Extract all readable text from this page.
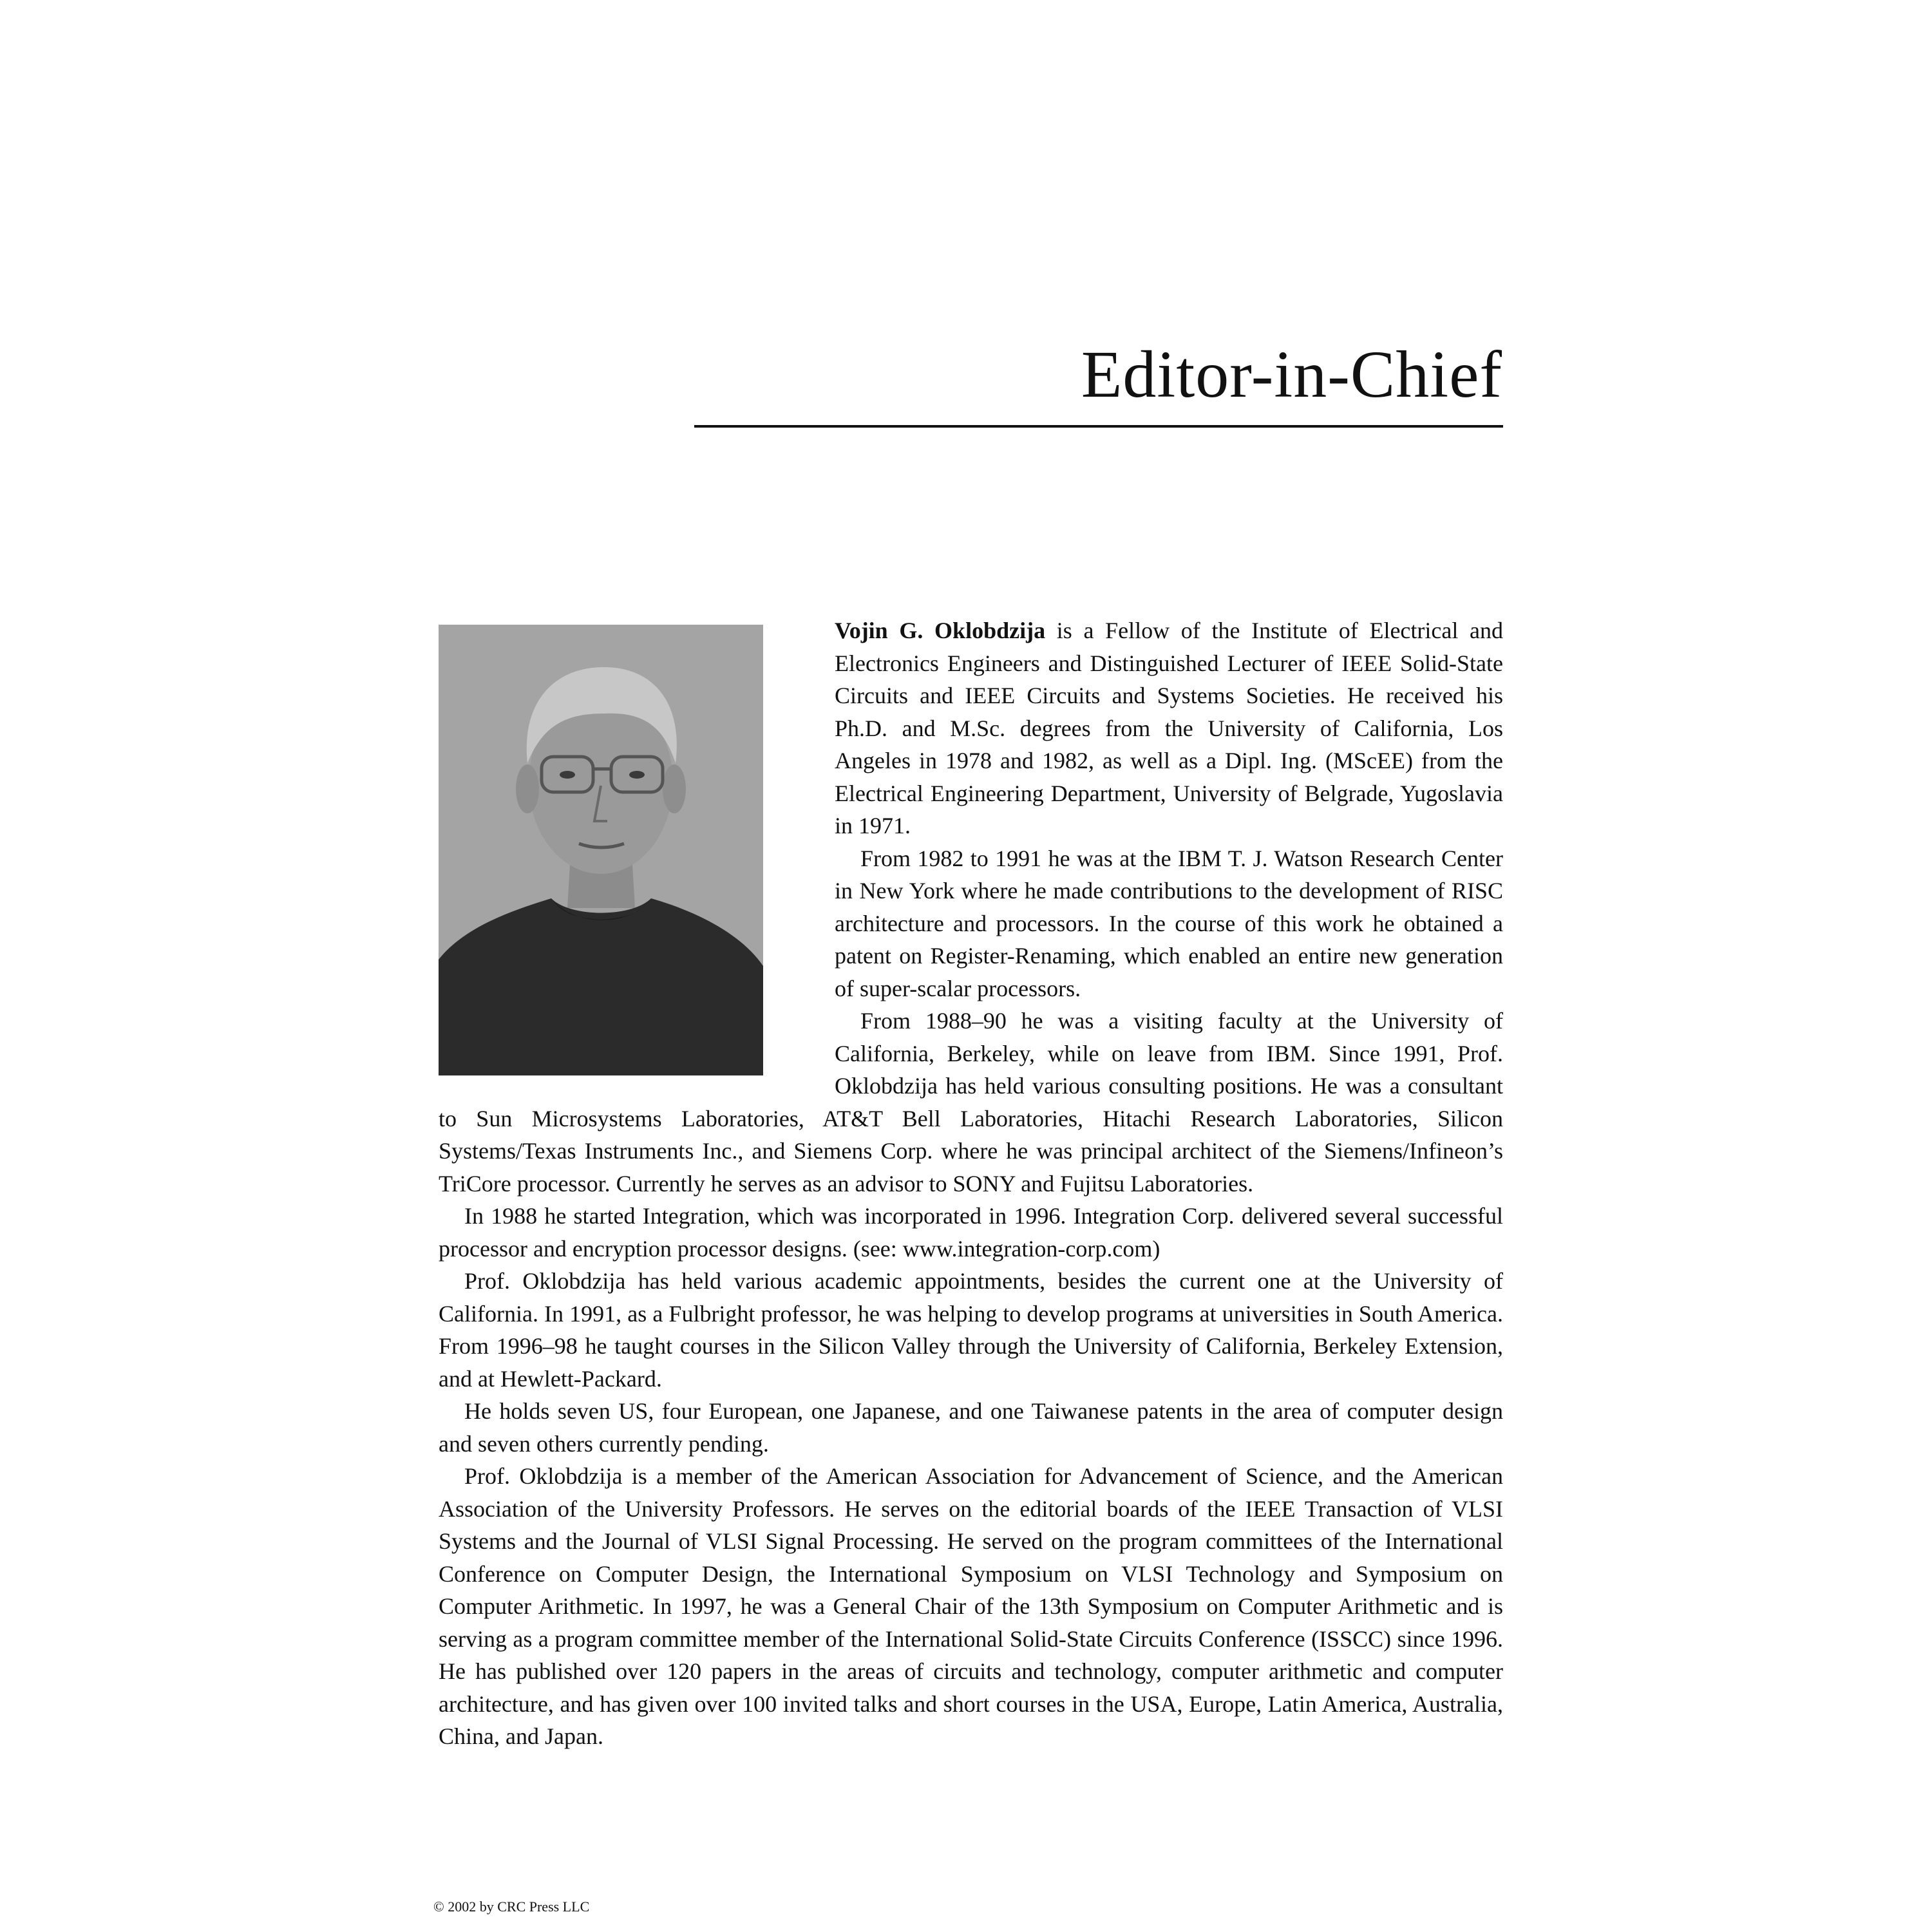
Editor-in-Chief

Vojin G. Oklobdzija is a Fellow of the Institute of Electrical and Electronics Engineers and Distinguished Lecturer of IEEE Solid-State Circuits and IEEE Circuits and Systems Societies. He received his Ph.D. and M.Sc. degrees from the University of California, Los Angeles in 1978 and 1982, as well as a Dipl. Ing. (MScEE) from the Electrical Engineering Department, University of Belgrade, Yugoslavia in 1971.

From 1982 to 1991 he was at the IBM T. J. Watson Research Center in New York where he made contributions to the development of RISC architecture and processors. In the course of this work he obtained a patent on Register-Renaming, which enabled an entire new generation of super-scalar processors.

From 1988–90 he was a visiting faculty at the University of California, Berkeley, while on leave from IBM. Since 1991, Prof. Oklobdzija has held various consulting positions. He was a consultant to Sun Microsystems Laboratories, AT&T Bell Laboratories, Hitachi Research Laboratories, Silicon Systems/Texas Instruments Inc., and Siemens Corp. where he was principal architect of the Siemens/Infineon’s TriCore processor. Currently he serves as an advisor to SONY and Fujitsu Laboratories.

In 1988 he started Integration, which was incorporated in 1996. Integration Corp. delivered several successful processor and encryption processor designs. (see: www.integration-corp.com)

Prof. Oklobdzija has held various academic appointments, besides the current one at the University of California. In 1991, as a Fulbright professor, he was helping to develop programs at universities in South America. From 1996–98 he taught courses in the Silicon Valley through the University of California, Berkeley Extension, and at Hewlett-Packard.

He holds seven US, four European, one Japanese, and one Taiwanese patents in the area of computer design and seven others currently pending.

Prof. Oklobdzija is a member of the American Association for Advancement of Science, and the American Association of the University Professors. He serves on the editorial boards of the IEEE Transaction of VLSI Systems and the Journal of VLSI Signal Processing. He served on the program committees of the International Conference on Computer Design, the International Symposium on VLSI Technology and Symposium on Computer Arithmetic. In 1997, he was a General Chair of the 13th Symposium on Computer Arithmetic and is serving as a program committee member of the International Solid-State Circuits Conference (ISSCC) since 1996. He has published over 120 papers in the areas of circuits and technology, computer arithmetic and computer architecture, and has given over 100 invited talks and short courses in the USA, Europe, Latin America, Australia, China, and Japan.

© 2002 by CRC Press LLC
